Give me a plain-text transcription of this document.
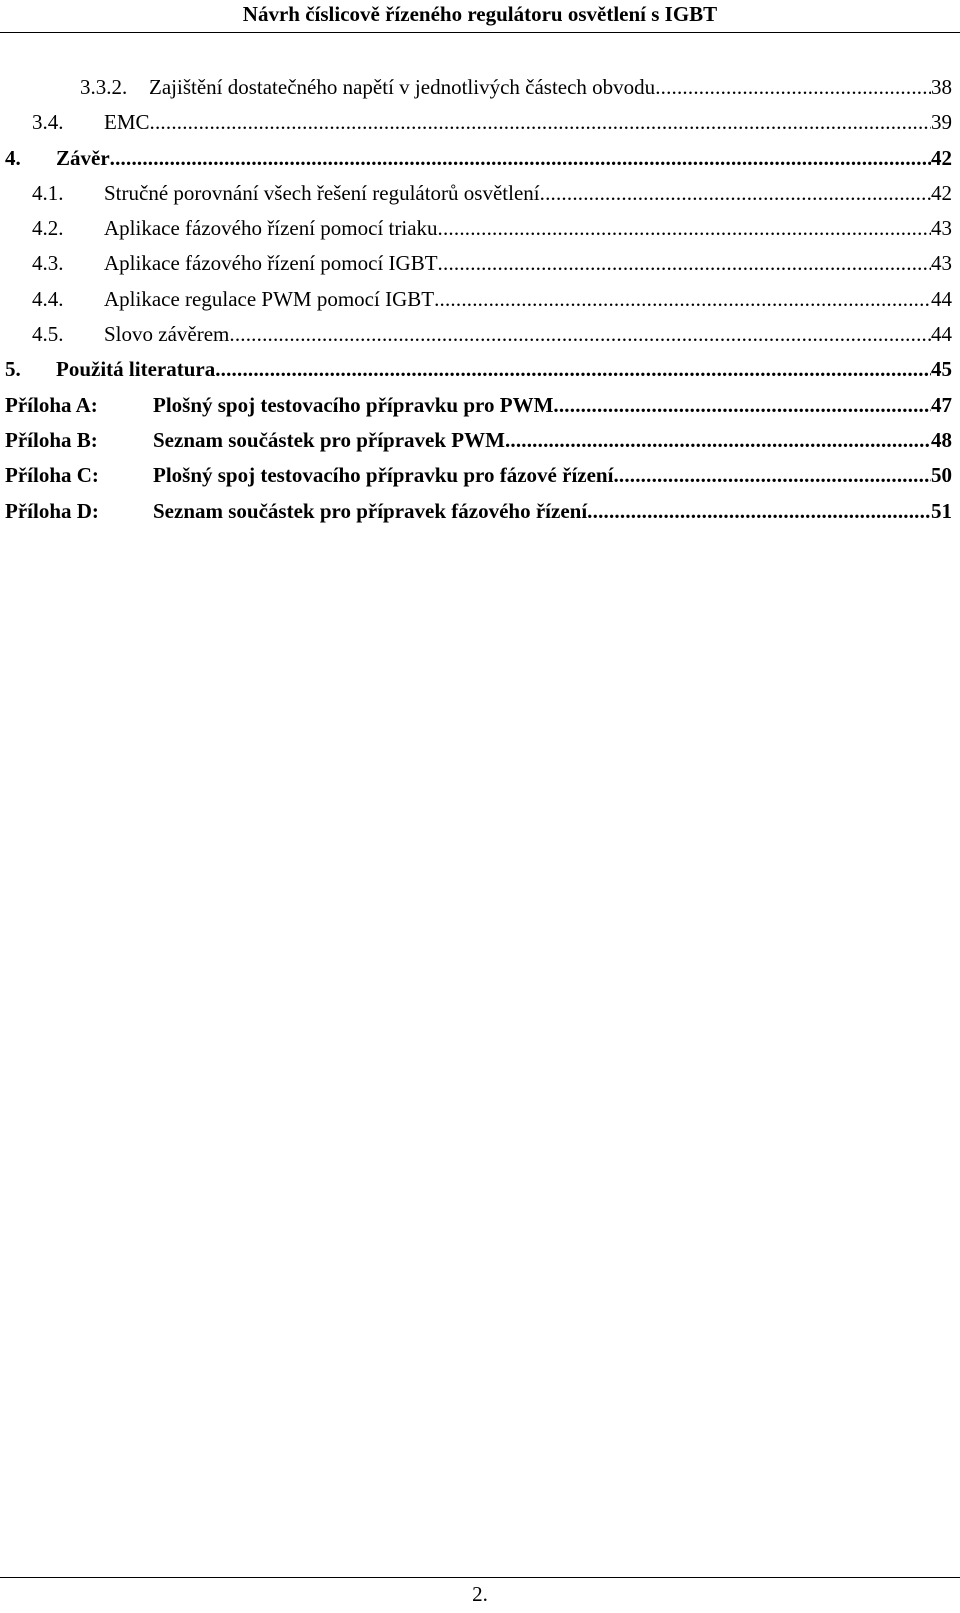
Návrh číslicově řízeného regulátoru osvětlení s IGBT
3.3.2. Zajištění dostatečného napětí v jednotlivých částech obvodu .....	38
3.4. EMC .....	39
4. Závěr .....	42
4.1. Stručné porovnání všech řešení regulátorů osvětlení .....	42
4.2. Aplikace fázového řízení pomocí triaku .....	43
4.3. Aplikace fázového řízení pomocí IGBT .....	43
4.4. Aplikace regulace PWM pomocí IGBT .....	44
4.5. Slovo závěrem .....	44
5. Použitá literatura .....	45
Příloha A:	Plošný spoj testovacího přípravku pro PWM .....	47
Příloha B:	Seznam součástek pro přípravek PWM .....	48
Příloha C:	Plošný spoj testovacího přípravku pro fázové řízení .....	50
Příloha D:	Seznam součástek pro přípravek fázového řízení .....	51
2.
